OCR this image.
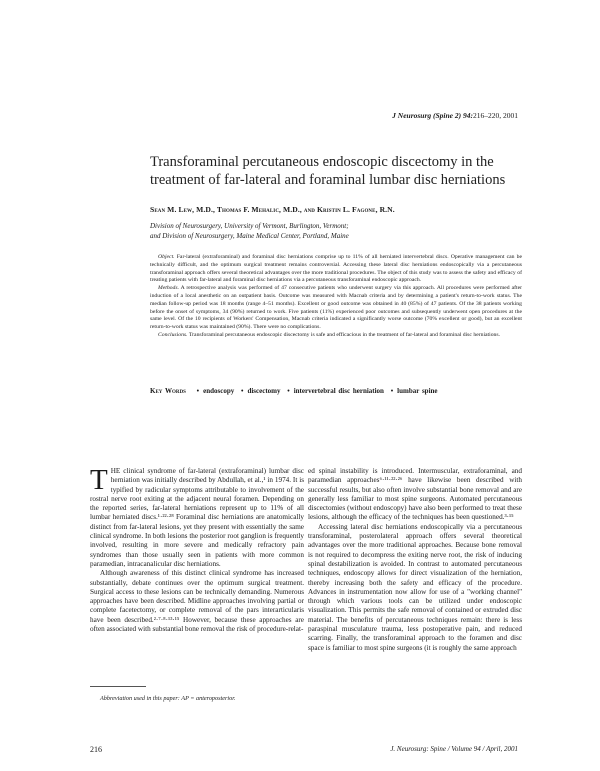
J Neurosurg (Spine 2) 94:216–220, 2001
Transforaminal percutaneous endoscopic discectomy in the treatment of far-lateral and foraminal lumbar disc herniations
Sean M. Lew, M.D., Thomas F. Mehalic, M.D., and Kristin L. Fagone, R.N.
Division of Neurosurgery, University of Vermont, Burlington, Vermont;
and Division of Neurosurgery, Maine Medical Center, Portland, Maine

Object. Far-lateral (extraforaminal) and foraminal disc herniations comprise up to 11% of all herniated intervertebral discs. Operative management can be technically difficult, and the optimum surgical treatment remains controversial. Accessing these lateral disc herniations endoscopically via a percutaneous transforaminal approach offers several theoretical advantages over the more traditional procedures. The object of this study was to assess the safety and efficacy of treating patients with far-lateral and foraminal disc herniations via a percutaneous transforaminal endoscopic approach.

Methods. A retrospective analysis was performed of 47 consecutive patients who underwent surgery via this approach. All procedures were performed after induction of a local anesthetic on an outpatient basis. Outcome was measured with Macnab criteria and by determining a patient's return-to-work status. The median follow-up period was 18 months (range 4–51 months). Excellent or good outcome was obtained in 40 (85%) of 47 patients. Of the 38 patients working before the onset of symptoms, 34 (90%) returned to work. Five patients (11%) experienced poor outcomes and subsequently underwent open procedures at the same level. Of the 10 recipients of Workers' Compensation, Macnab criteria indicated a significantly worse outcome (70% excellent or good), but an excellent return-to-work status was maintained (90%). There were no complications.

Conclusions. Transforaminal percutaneous endoscopic discectomy is safe and efficacious in the treatment of far-lateral and foraminal disc herniations.

Key Words • endoscopy • discectomy • intervertebral disc herniation • lumbar spine

THE clinical syndrome of far-lateral (extraforaminal) lumbar disc herniation was initially described by Abdullah, et al.,¹ in 1974. It is typified by radicular symptoms attributable to involvement of the rostral nerve root exiting at the adjacent neural foramen. Depending on the reported series, far-lateral herniations represent up to 11% of all lumbar herniated discs.¹·²²·²⁸ Foraminal disc herniations are anatomically distinct from far-lateral lesions, yet they present with essentially the same clinical syndrome. In both lesions the posterior root ganglion is frequently involved, resulting in more severe and medically refractory pain syndromes than those usually seen in patients with more common paramedian, intracanalicular disc herniations.

Although awareness of this distinct clinical syndrome has increased substantially, debate continues over the optimum surgical treatment. Surgical access to these lesions can be technically demanding. Numerous approaches have been described. Midline approaches involving partial or complete facetectomy, or complete removal of the pars interarticularis have been described.²·⁷·⁸·¹³·¹⁵ However, because these approaches are often associated with substantial bone removal the risk of procedure-relat-

ed spinal instability is introduced. Intermuscular, extraforaminal, and paramedian approaches⁶·¹¹·²²·²⁶ have likewise been described with successful results, but also often involve substantial bone removal and are generally less familiar to most spine surgeons. Automated percutaneous discectomies (without endoscopy) have also been performed to treat these lesions, although the efficacy of the techniques has been questioned.³·¹⁵

Accessing lateral disc herniations endoscopically via a percutaneous transforaminal, posterolateral approach offers several theoretical advantages over the more traditional approaches. Because bone removal is not required to decompress the exiting nerve root, the risk of inducing spinal destabilization is avoided. In contrast to automated percutaneous techniques, endoscopy allows for direct visualization of the herniation, thereby increasing both the safety and efficacy of the procedure. Advances in instrumentation now allow for use of a "working channel" through which various tools can be utilized under endoscopic visualization. This permits the safe removal of contained or extruded disc material. The benefits of percutaneous techniques remain: there is less paraspinal musculature trauma, less postoperative pain, and reduced scarring. Finally, the transforaminal approach to the foramen and disc space is familiar to most spine surgeons (it is roughly the same approach

Abbreviation used in this paper: AP = anteroposterior.
216	J. Neurosurg: Spine / Volume 94 / April, 2001
